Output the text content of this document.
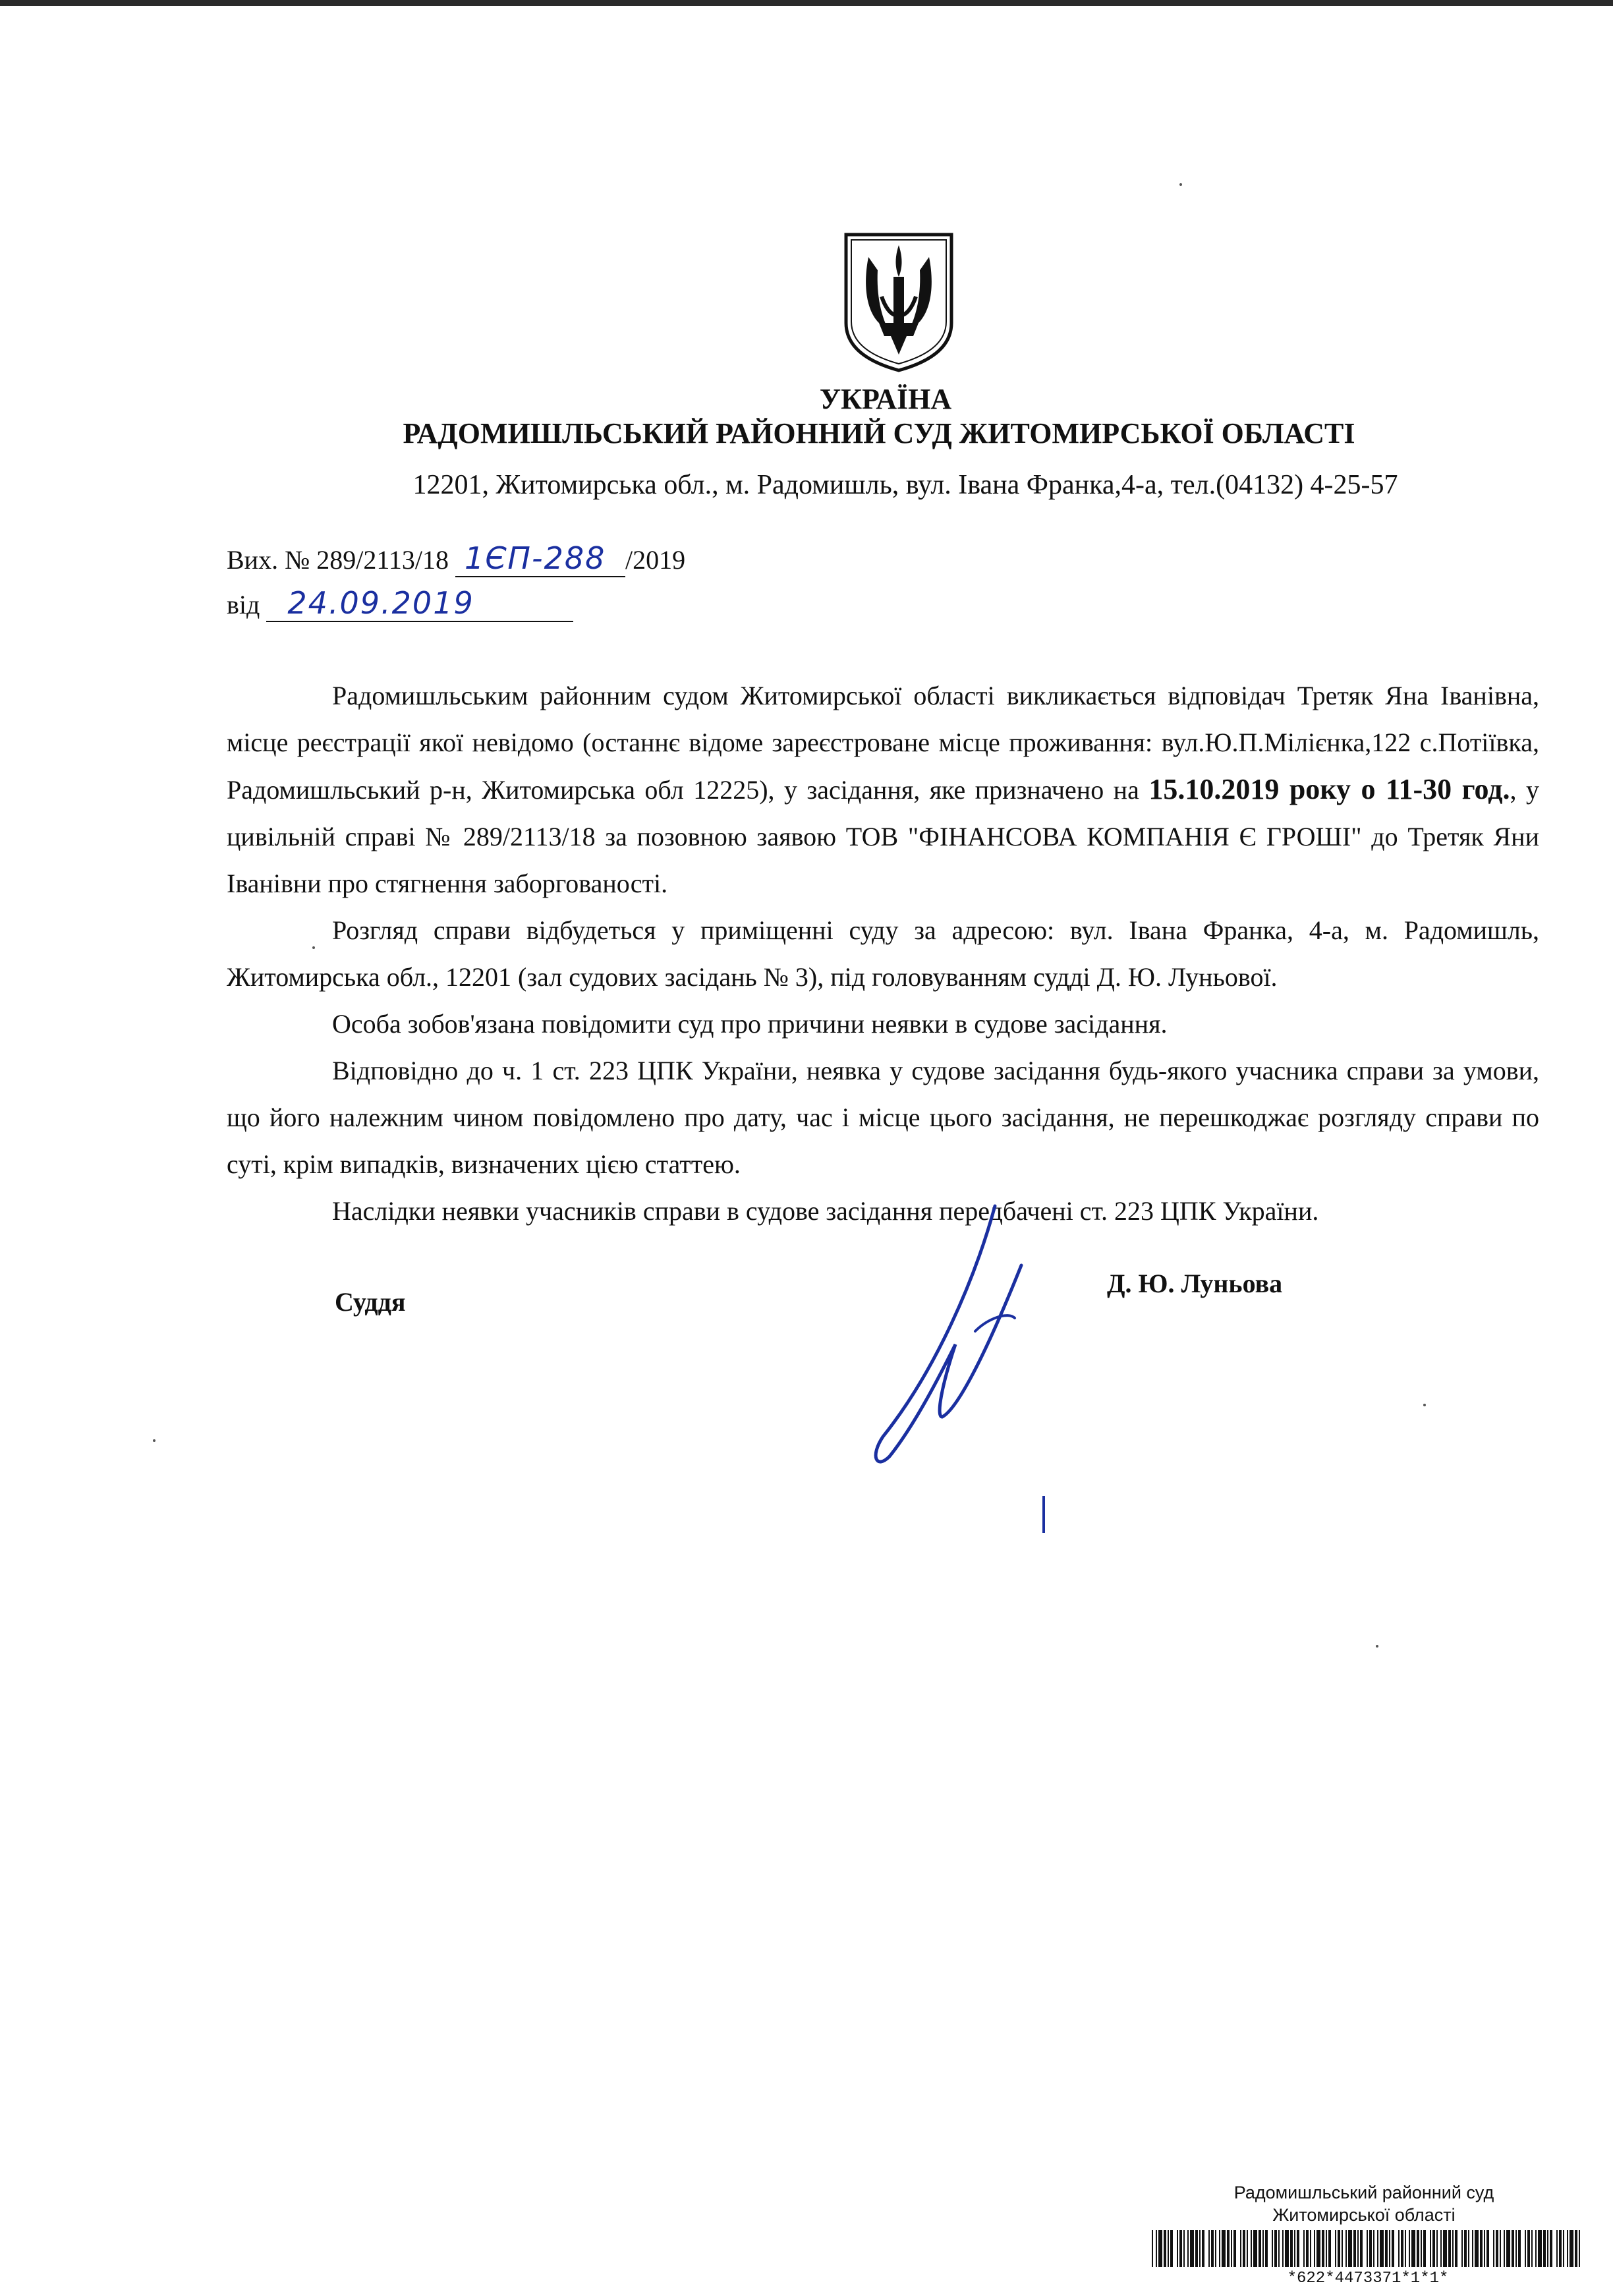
УКРАЇНА
РАДОМИШЛЬСЬКИЙ РАЙОННИЙ СУД ЖИТОМИРСЬКОЇ ОБЛАСТІ
12201, Житомирська обл., м. Радомишль, вул. Івана Франка,4-а, тел.(04132) 4-25-57
Вих. № 289/2113/18 1ЄП-288 /2019
від 24.09.2019

Радомишльським районним судом Житомирської області викликається відповідач Третяк Яна Іванівна, місце реєстрації якої невідомо (останнє відоме зареєстроване місце проживання: вул.Ю.П.Мілієнка,122 с.Потіївка, Радомишльський р-н, Житомирська обл 12225), у засідання, яке призначено на 15.10.2019 року о 11-30 год., у цивільній справі № 289/2113/18 за позовною заявою ТОВ "ФІНАНСОВА КОМПАНІЯ Є ГРОШІ" до Третяк Яни Іванівни про стягнення заборгованості.

Розгляд справи відбудеться у приміщенні суду за адресою: вул. Івана Франка, 4-а, м. Радомишль, Житомирська обл., 12201 (зал судових засідань № 3), під головуванням судді Д. Ю. Луньової.

Особа зобов'язана повідомити суд про причини неявки в судове засідання.

Відповідно до ч. 1 ст. 223 ЦПК України, неявка у судове засідання будь-якого учасника справи за умови, що його належним чином повідомлено про дату, час і місце цього засідання, не перешкоджає розгляду справи по суті, крім випадків, визначених цією статтею.

Наслідки неявки учасників справи в судове засідання передбачені ст. 223 ЦПК України.

Суддя
Д. Ю. Луньова
Радомишльський районний суд
Житомирської області
*622*4473371*1*1*
